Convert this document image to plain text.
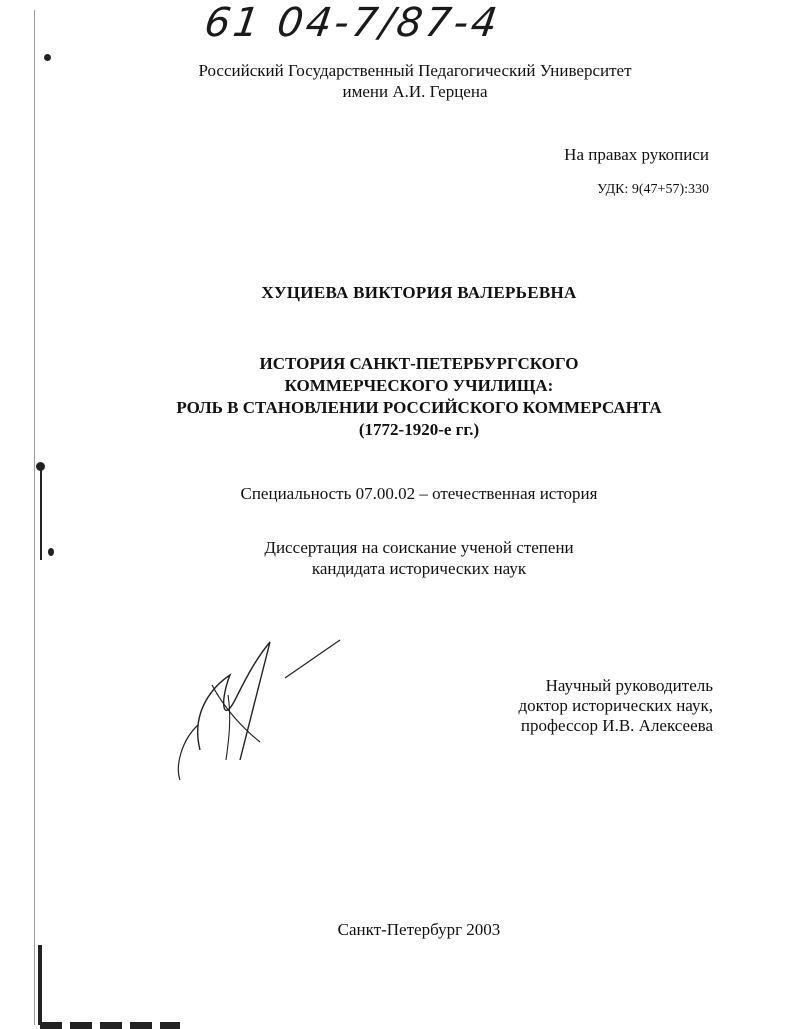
61 04-7/87-4
Российский Государственный Педагогический Университет
имени А.И. Герцена
На правах рукописи
УДК: 9(47+57):330
ХУЦИЕВА ВИКТОРИЯ ВАЛЕРЬЕВНА
ИСТОРИЯ САНКТ-ПЕТЕРБУРГСКОГО
КОММЕРЧЕСКОГО УЧИЛИЩА:
РОЛЬ В СТАНОВЛЕНИИ РОССИЙСКОГО КОММЕРСАНТА
(1772-1920-е гг.)
Специальность 07.00.02 – отечественная история
Диссертация на соискание ученой степени
кандидата исторических наук
Научный руководитель
доктор исторических наук,
профессор И.В. Алексеева
Санкт-Петербург 2003
